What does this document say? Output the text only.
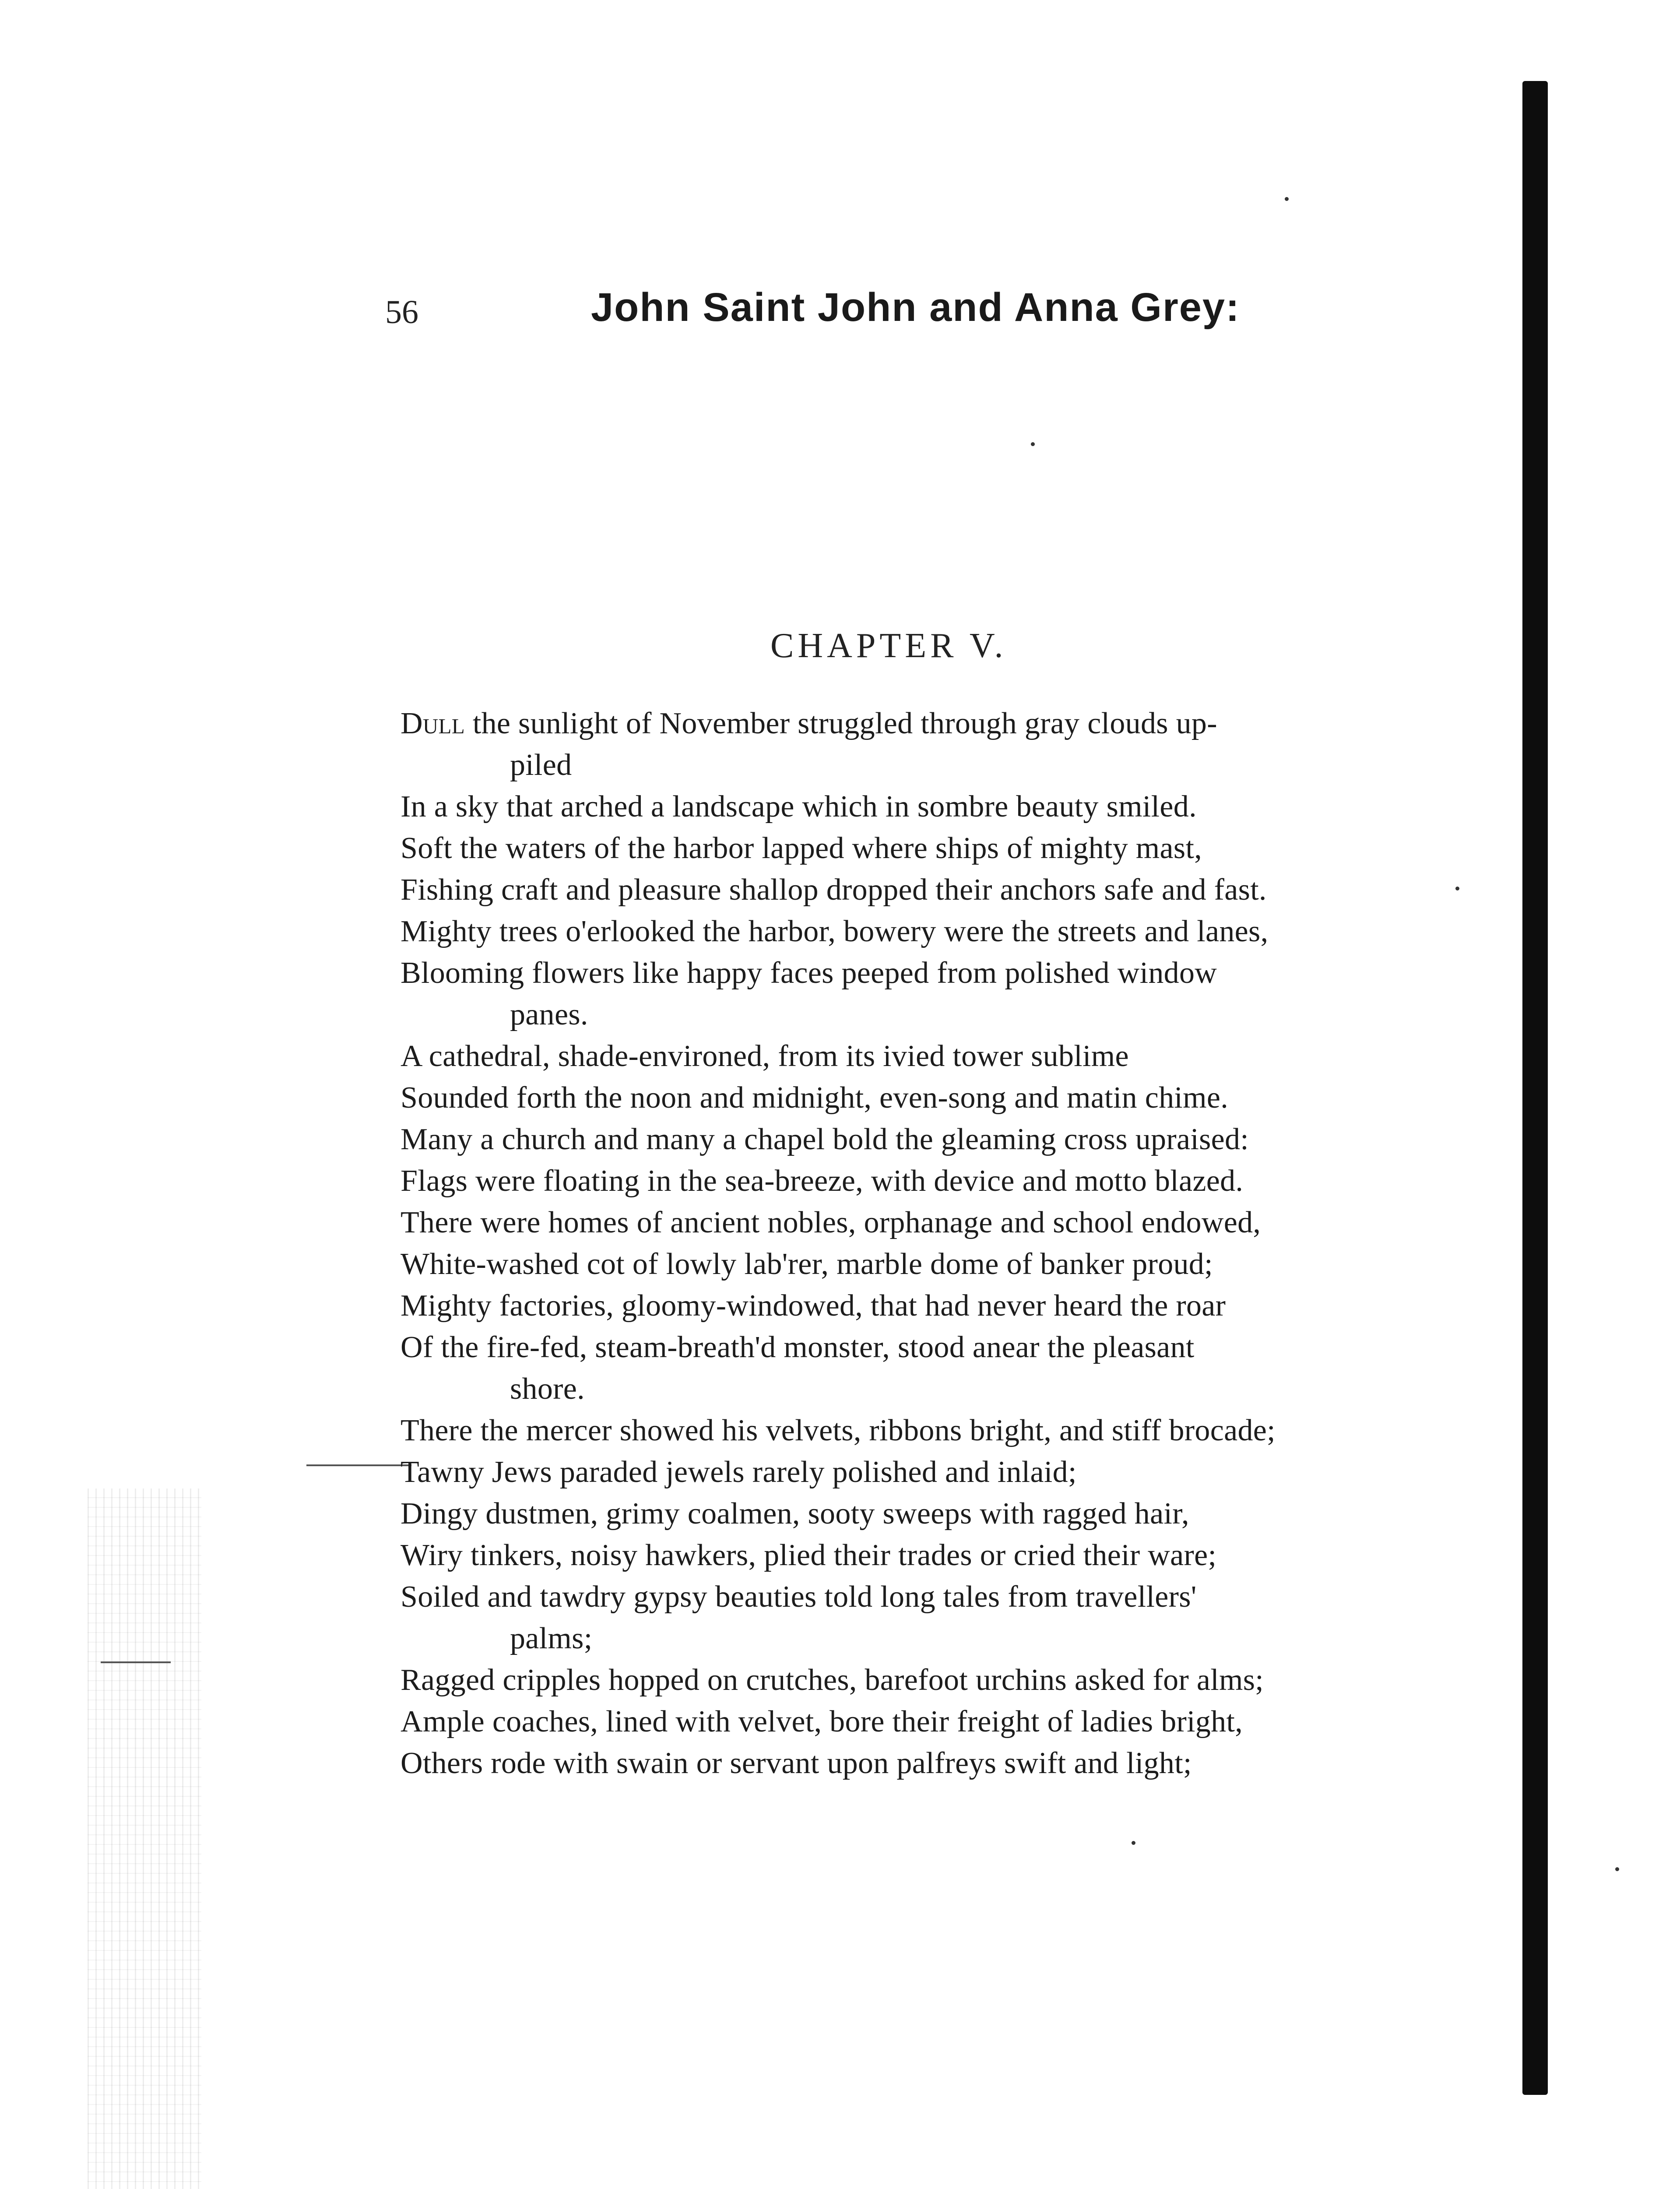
56	John Saint John and Anna Grey:
CHAPTER V.
Dull the sunlight of November struggled through gray clouds up-
piled
In a sky that arched a landscape which in sombre beauty smiled.
Soft the waters of the harbor lapped where ships of mighty mast,
Fishing craft and pleasure shallop dropped their anchors safe and fast.
Mighty trees o'erlooked the harbor, bowery were the streets and lanes,
Blooming flowers like happy faces peeped from polished window
panes.
A cathedral, shade-environed, from its ivied tower sublime
Sounded forth the noon and midnight, even-song and matin chime.
Many a church and many a chapel bold the gleaming cross upraised:
Flags were floating in the sea-breeze, with device and motto blazed.
There were homes of ancient nobles, orphanage and school endowed,
White-washed cot of lowly lab'rer, marble dome of banker proud;
Mighty factories, gloomy-windowed, that had never heard the roar
Of the fire-fed, steam-breath'd monster, stood anear the pleasant
shore.
There the mercer showed his velvets, ribbons bright, and stiff brocade;
Tawny Jews paraded jewels rarely polished and inlaid;
Dingy dustmen, grimy coalmen, sooty sweeps with ragged hair,
Wiry tinkers, noisy hawkers, plied their trades or cried their ware;
Soiled and tawdry gypsy beauties told long tales from travellers'
palms;
Ragged cripples hopped on crutches, barefoot urchins asked for alms;
Ample coaches, lined with velvet, bore their freight of ladies bright,
Others rode with swain or servant upon palfreys swift and light;
